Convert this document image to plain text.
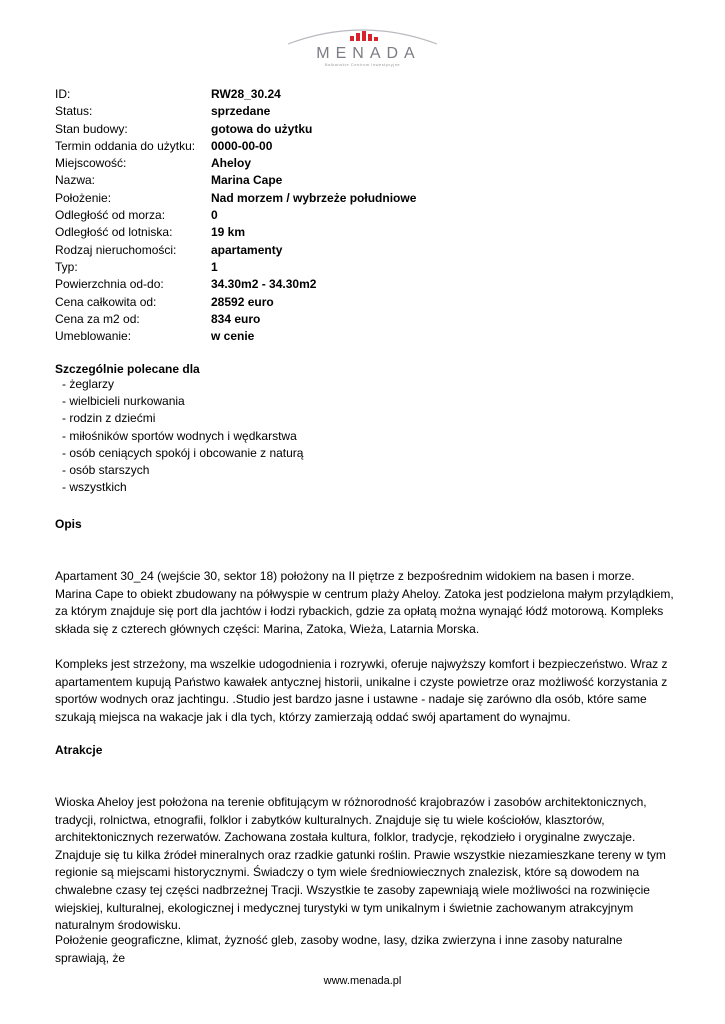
MENADA
Bałkańskie Centrum Inwestycyjne
ID:	RW28_30.24
Status:	sprzedane
Stan budowy:	gotowa do użytku
Termin oddania do użytku: 0000-00-00
Miejscowość:	Aheloy
Nazwa:	Marina Cape
Położenie:	Nad morzem / wybrzeże południowe
Odległość od morza:	0
Odległość od lotniska:	19 km
Rodzaj nieruchomości:	apartamenty
Typ:	1
Powierzchnia od-do:	34.30m2 - 34.30m2
Cena całkowita od:	28592 euro
Cena za m2 od:	834 euro
Umeblowanie:	w cenie
Szczególnie polecane dla
- żeglarzy
- wielbicieli nurkowania
- rodzin z dziećmi
- miłośników sportów wodnych i wędkarstwa
- osób ceniących spokój i obcowanie z naturą
- osób starszych
- wszystkich
Opis

Apartament 30_24 (wejście 30, sektor 18) położony na II piętrze z bezpośrednim widokiem na basen i morze.

Marina Cape to obiekt zbudowany na półwyspie w centrum plaży Aheloy. Zatoka jest podzielona małym przylądkiem, za którym znajduje się port dla jachtów i łodzi rybackich, gdzie za opłatą można wynająć łódź motorową. Kompleks składa się z czterech głównych części: Marina, Zatoka, Wieża, Latarnia Morska.

Kompleks jest strzeżony, ma wszelkie udogodnienia i rozrywki, oferuje najwyższy komfort i bezpieczeństwo. Wraz z apartamentem kupują Państwo kawałek antycznej historii, unikalne i czyste powietrze oraz możliwość korzystania z sportów wodnych oraz jachtingu. .Studio jest bardzo jasne i ustawne - nadaje się zarówno dla osób, które same szukają miejsca na wakacje jak i dla tych, którzy zamierzają oddać swój apartament do wynajmu.

Atrakcje

Wioska Aheloy jest położona na terenie obfitującym w różnorodność krajobrazów i zasobów architektonicznych, tradycji, rolnictwa, etnografii, folklor i zabytków kulturalnych. Znajduje się tu wiele kościołów, klasztorów, architektonicznych rezerwatów. Zachowana została kultura, folklor, tradycje, rękodzieło i oryginalne zwyczaje. Znajduje się tu kilka źródeł mineralnych oraz rzadkie gatunki roślin. Prawie wszystkie niezamieszkane tereny w tym regionie są miejscami historycznymi. Świadczy o tym wiele średniowiecznych znalezisk, które są dowodem na chwalebne czasy tej części nadbrzeżnej Tracji. Wszystkie te zasoby zapewniają wiele możliwości na rozwinięcie wiejskiej, kulturalnej, ekologicznej i medycznej turystyki w tym unikalnym i świetnie zachowanym atrakcyjnym naturalnym środowisku.

Położenie geograficzne, klimat, żyzność gleb, zasoby wodne, lasy, dzika zwierzyna i inne zasoby naturalne sprawiają, że

www.menada.pl
